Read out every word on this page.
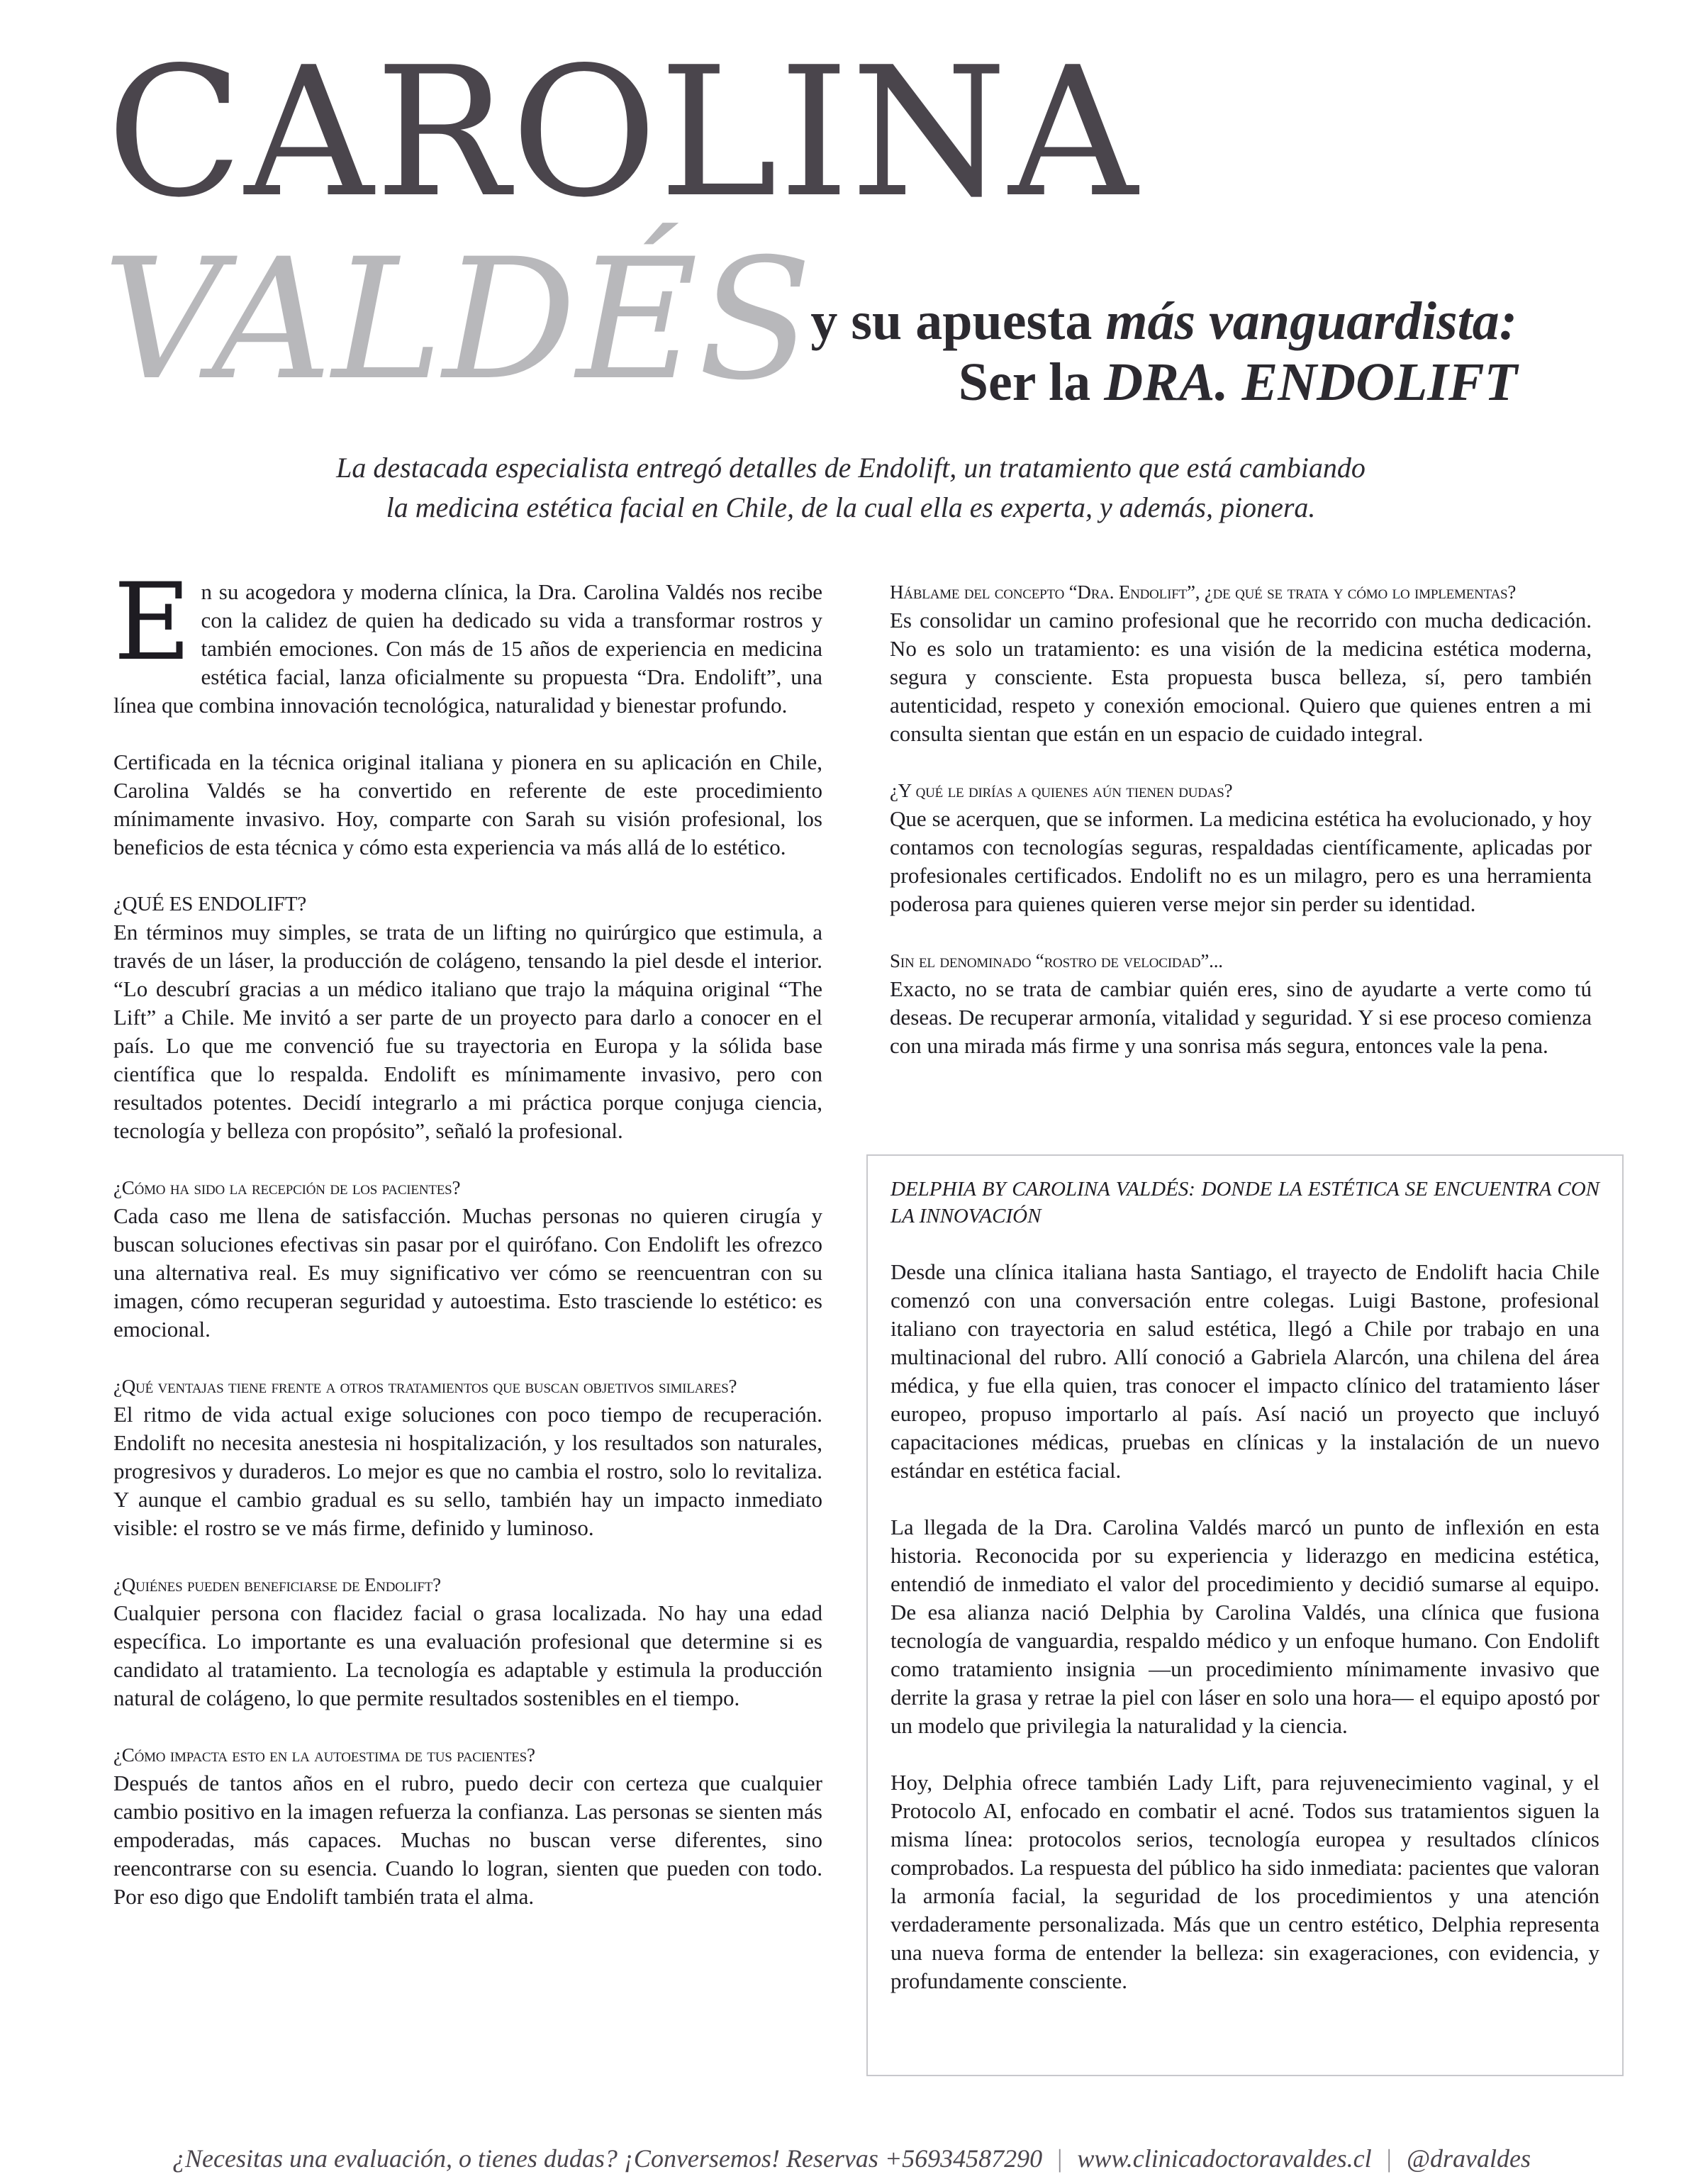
CAROLINA
VALDÉS
y su apuesta más vanguardista:
Ser la DRA. ENDOLIFT

La destacada especialista entregó detalles de Endolift, un tratamiento que está cambiando
la medicina estética facial en Chile, de la cual ella es experta, y además, pionera.

En su acogedora y moderna clínica, la Dra. Carolina Valdés nos recibe con la calidez de quien ha dedicado su vida a transformar rostros y también emociones. Con más de 15 años de experiencia en medicina estética facial, lanza oficialmente su propuesta “Dra. Endolift”, una línea que combina innovación tecnológica, naturalidad y bienestar profundo.

Certificada en la técnica original italiana y pionera en su aplicación en Chile, Carolina Valdés se ha convertido en referente de este procedimiento mínimamente invasivo. Hoy, comparte con Sarah su visión profesional, los beneficios de esta técnica y cómo esta experiencia va más allá de lo estético.

¿QUÉ ES ENDOLIFT?

En términos muy simples, se trata de un lifting no quirúrgico que estimula, a través de un láser, la producción de colágeno, tensando la piel desde el interior. “Lo descubrí gracias a un médico italiano que trajo la máquina original “The Lift” a Chile. Me invitó a ser parte de un proyecto para darlo a conocer en el país. Lo que me convenció fue su trayectoria en Europa y la sólida base científica que lo respalda. Endolift es mínimamente invasivo, pero con resultados potentes. Decidí integrarlo a mi práctica porque conjuga ciencia, tecnología y belleza con propósito”, señaló la profesional.

¿Cómo ha sido la recepción de los pacientes?

Cada caso me llena de satisfacción. Muchas personas no quieren cirugía y buscan soluciones efectivas sin pasar por el quirófano. Con Endolift les ofrezco una alternativa real. Es muy significativo ver cómo se reencuentran con su imagen, cómo recuperan seguridad y autoestima. Esto trasciende lo estético: es emocional.

¿Qué ventajas tiene frente a otros tratamientos que buscan objetivos similares?

El ritmo de vida actual exige soluciones con poco tiempo de recuperación. Endolift no necesita anestesia ni hospitalización, y los resultados son naturales, progresivos y duraderos. Lo mejor es que no cambia el rostro, solo lo revitaliza. Y aunque el cambio gradual es su sello, también hay un impacto inmediato visible: el rostro se ve más firme, definido y luminoso.

¿Quiénes pueden beneficiarse de Endolift?

Cualquier persona con flacidez facial o grasa localizada. No hay una edad específica. Lo importante es una evaluación profesional que determine si es candidato al tratamiento. La tecnología es adaptable y estimula la producción natural de colágeno, lo que permite resultados sostenibles en el tiempo.

¿Cómo impacta esto en la autoestima de tus pacientes?

Después de tantos años en el rubro, puedo decir con certeza que cualquier cambio positivo en la imagen refuerza la confianza. Las personas se sienten más empoderadas, más capaces. Muchas no buscan verse diferentes, sino reencontrarse con su esencia. Cuando lo logran, sienten que pueden con todo. Por eso digo que Endolift también trata el alma.

Háblame del concepto “Dra. Endolift”, ¿de qué se trata y cómo lo implementas?

Es consolidar un camino profesional que he recorrido con mucha dedicación. No es solo un tratamiento: es una visión de la medicina estética moderna, segura y consciente. Esta propuesta busca belleza, sí, pero también autenticidad, respeto y conexión emocional. Quiero que quienes entren a mi consulta sientan que están en un espacio de cuidado integral.

¿Y qué le dirías a quienes aún tienen dudas?

Que se acerquen, que se informen. La medicina estética ha evolucionado, y hoy contamos con tecnologías seguras, respaldadas científicamente, aplicadas por profesionales certificados. Endolift no es un milagro, pero es una herramienta poderosa para quienes quieren verse mejor sin perder su identidad.

Sin el denominado “rostro de velocidad”...

Exacto, no se trata de cambiar quién eres, sino de ayudarte a verte como tú deseas. De recuperar armonía, vitalidad y seguridad. Y si ese proceso comienza con una mirada más firme y una sonrisa más segura, entonces vale la pena.

DELPHIA BY CAROLINA VALDÉS: DONDE LA ESTÉTICA SE ENCUENTRA CON LA INNOVACIÓN

Desde una clínica italiana hasta Santiago, el trayecto de Endolift hacia Chile comenzó con una conversación entre colegas. Luigi Bastone, profesional italiano con trayectoria en salud estética, llegó a Chile por trabajo en una multinacional del rubro. Allí conoció a Gabriela Alarcón, una chilena del área médica, y fue ella quien, tras conocer el impacto clínico del tratamiento láser europeo, propuso importarlo al país. Así nació un proyecto que incluyó capacitaciones médicas, pruebas en clínicas y la instalación de un nuevo estándar en estética facial.

La llegada de la Dra. Carolina Valdés marcó un punto de inflexión en esta historia. Reconocida por su experiencia y liderazgo en medicina estética, entendió de inmediato el valor del procedimiento y decidió sumarse al equipo. De esa alianza nació Delphia by Carolina Valdés, una clínica que fusiona tecnología de vanguardia, respaldo médico y un enfoque humano. Con Endolift como tratamiento insignia —un procedimiento mínimamente invasivo que derrite la grasa y retrae la piel con láser en solo una hora— el equipo apostó por un modelo que privilegia la naturalidad y la ciencia.

Hoy, Delphia ofrece también Lady Lift, para rejuvenecimiento vaginal, y el Protocolo AI, enfocado en combatir el acné. Todos sus tratamientos siguen la misma línea: protocolos serios, tecnología europea y resultados clínicos comprobados. La respuesta del público ha sido inmediata: pacientes que valoran la armonía facial, la seguridad de los procedimientos y una atención verdaderamente personalizada. Más que un centro estético, Delphia representa una nueva forma de entender la belleza: sin exageraciones, con evidencia, y profundamente consciente.

¿Necesitas una evaluación, o tienes dudas? ¡Conversemos! Reservas +56934587290 | www.clinicadoctoravaldes.cl | @dravaldes
